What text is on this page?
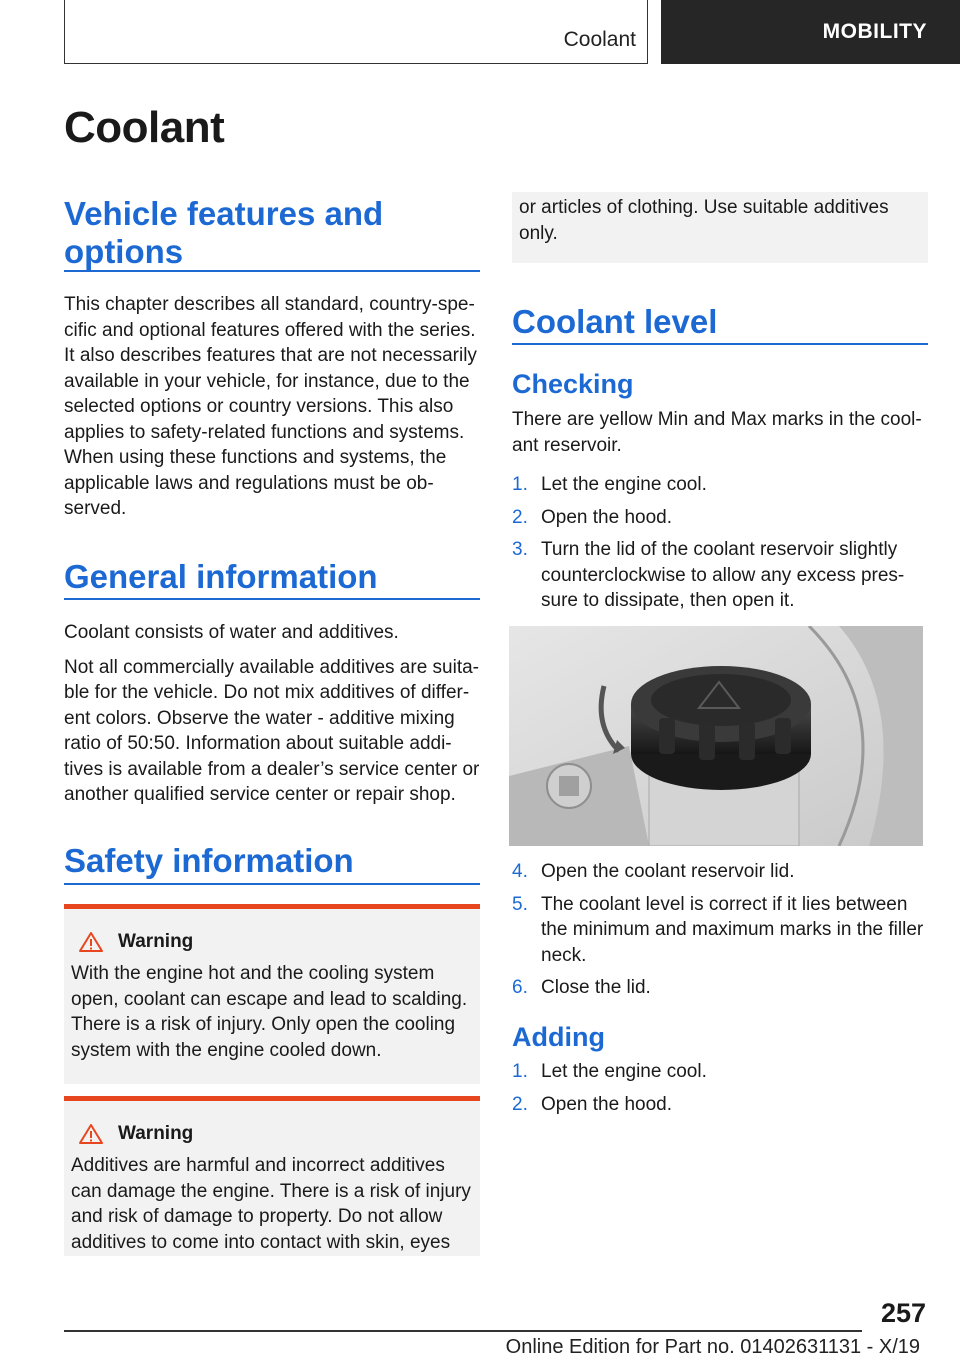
Coolant	MOBILITY
Coolant
Vehicle features and options

This chapter describes all standard, country-spe- cific and optional features offered with the series. It also describes features that are not necessarily available in your vehicle, for instance, due to the selected options or country versions. This also applies to safety-related functions and systems. When using these functions and systems, the applicable laws and regulations must be ob- served.

General information

Coolant consists of water and additives.

Not all commercially available additives are suita- ble for the vehicle. Do not mix additives of differ- ent colors. Observe the water - additive mixing ratio of 50:50. Information about suitable addi- tives is available from a dealer’s service center or another qualified service center or repair shop.

Safety information
Warning
With the engine hot and the cooling system open, coolant can escape and lead to scalding. There is a risk of injury. Only open the cooling system with the engine cooled down.
Warning
Additives are harmful and incorrect additives can damage the engine. There is a risk of injury and risk of damage to property. Do not allow additives to come into contact with skin, eyes
or articles of clothing. Use suitable additives only.
Coolant level
Checking
There are yellow Min and Max marks in the cool- ant reservoir.
1. Let the engine cool.
2. Open the hood.
3. Turn the lid of the coolant reservoir slightly counterclockwise to allow any excess pres- sure to dissipate, then open it.
4. Open the coolant reservoir lid.
5. The coolant level is correct if it lies between the minimum and maximum marks in the filler neck.
6. Close the lid.
Adding
1. Let the engine cool.
2. Open the hood.
257
Online Edition for Part no. 01402631131 - X/19
